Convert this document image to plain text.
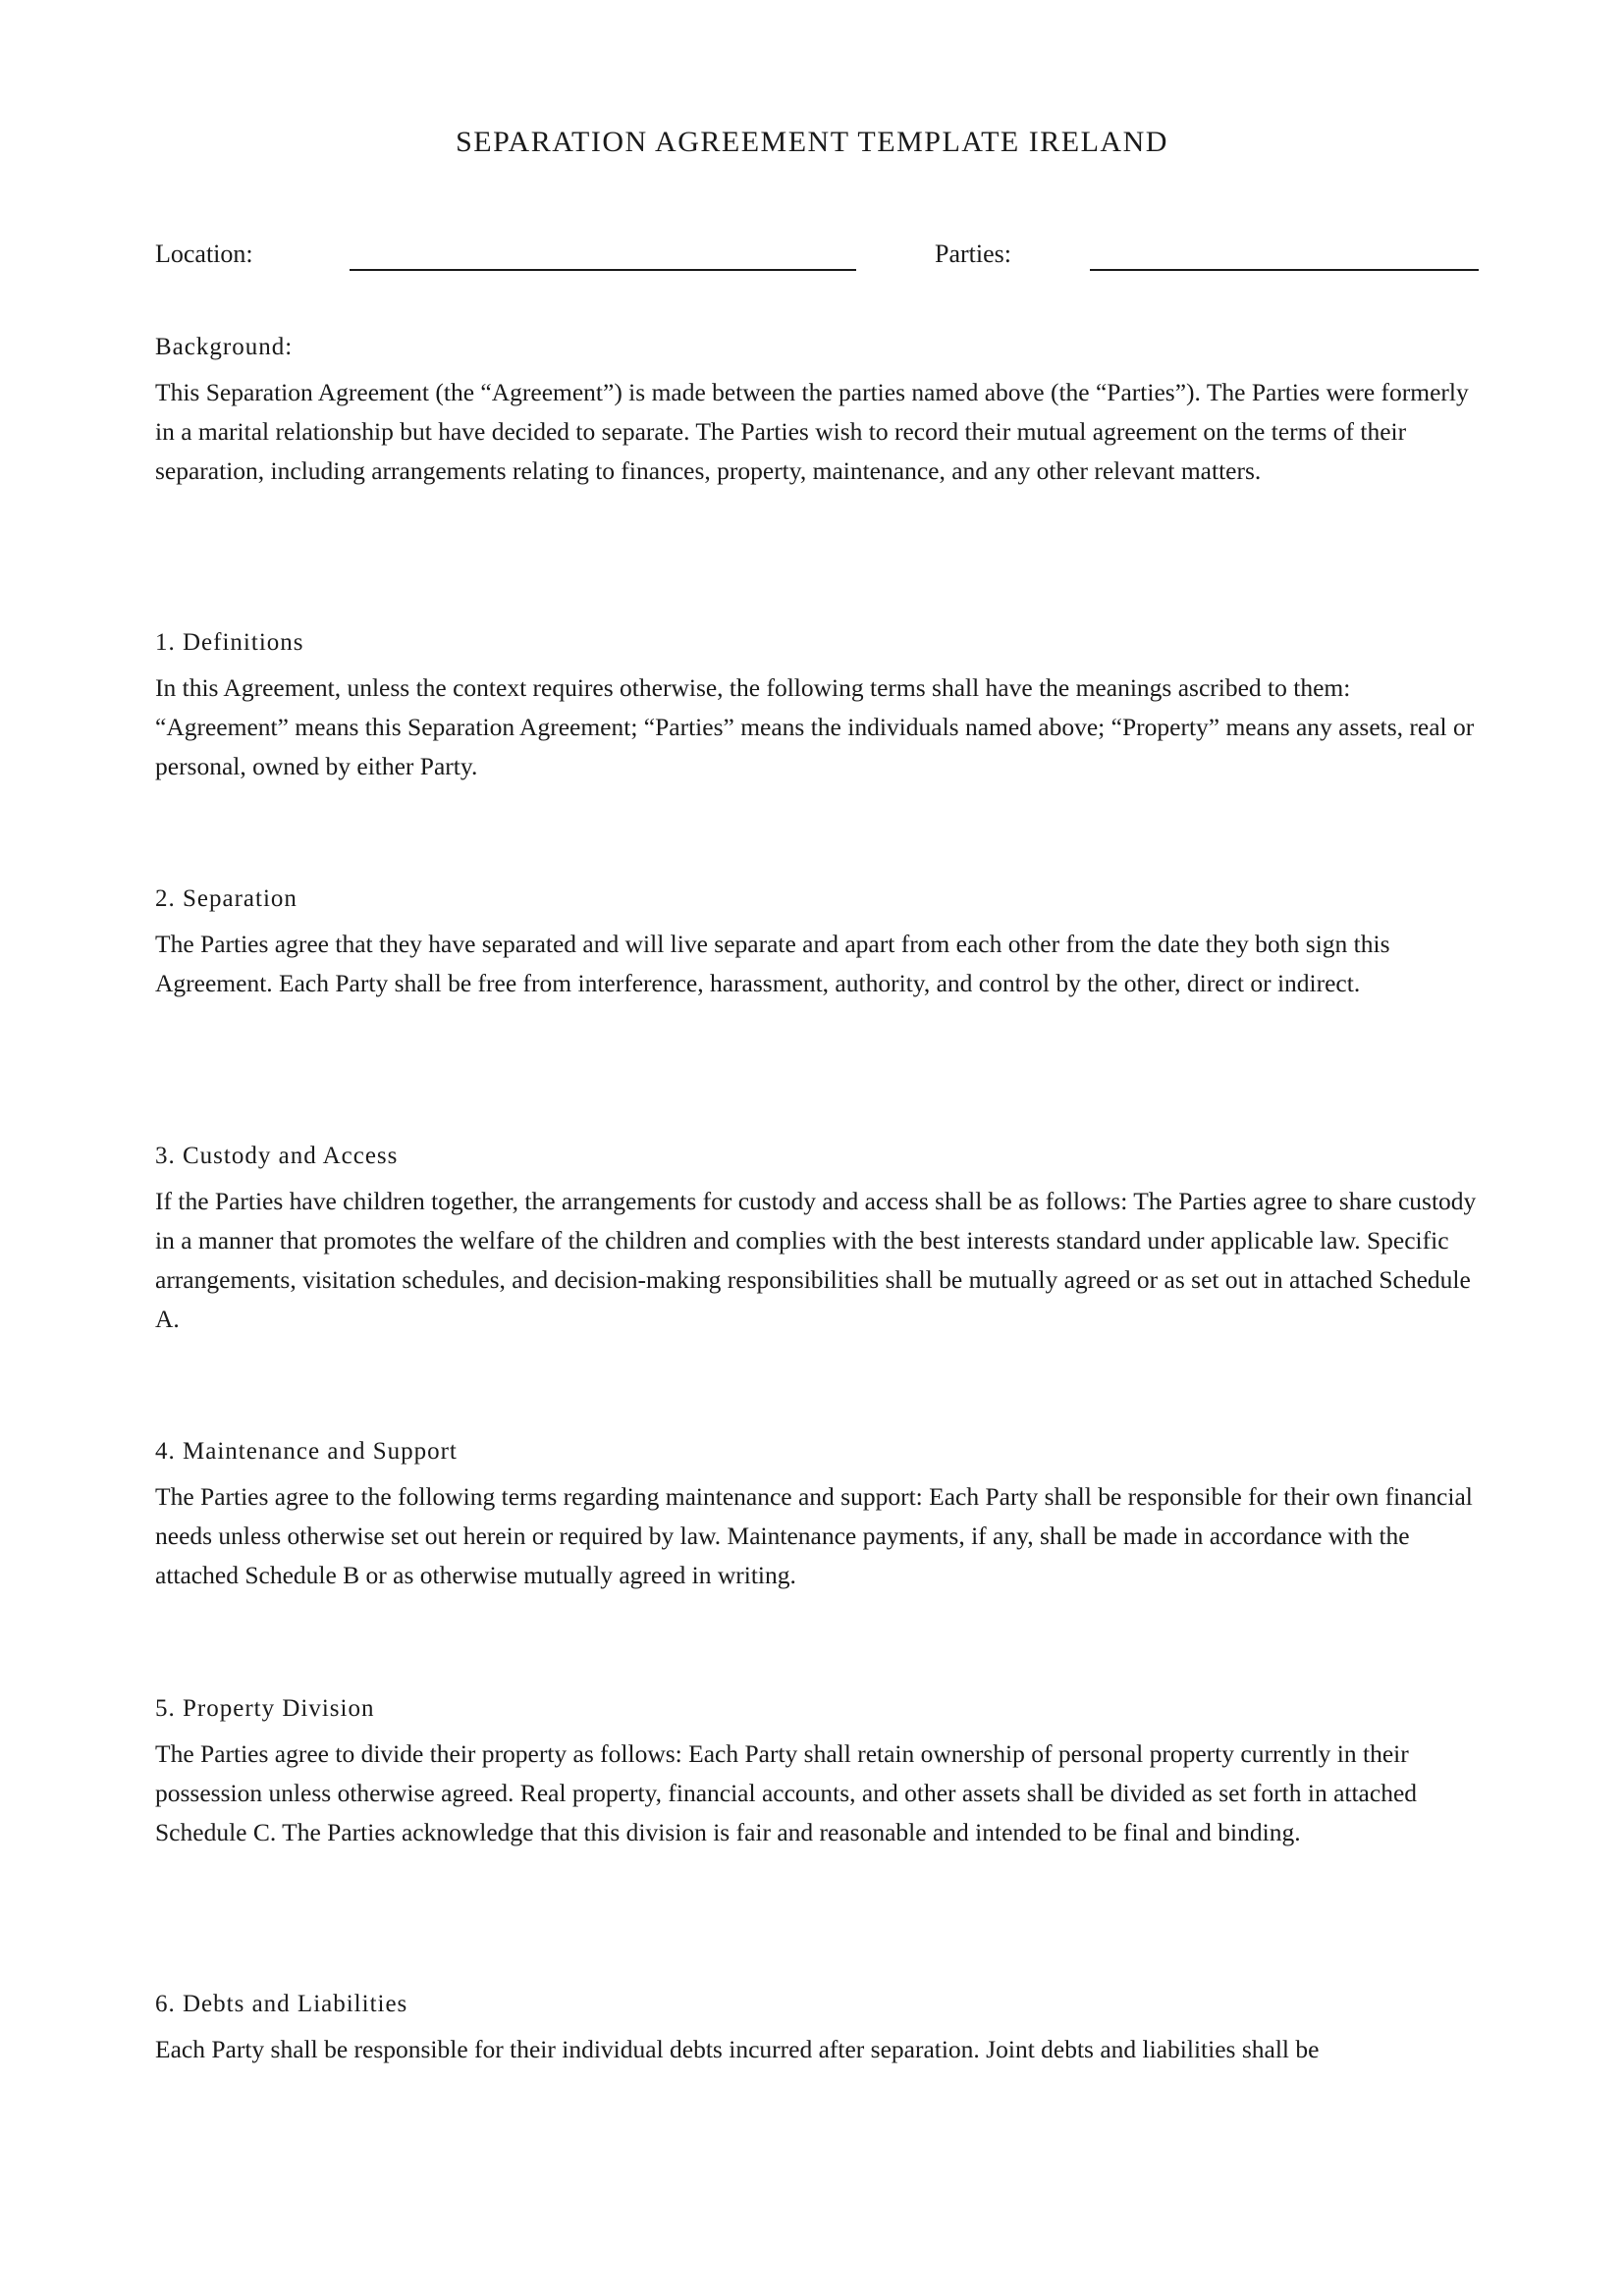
SEPARATION AGREEMENT TEMPLATE IRELAND
Location:	Parties:
Background:

This Separation Agreement (the “Agreement”) is made between the parties named above (the “Parties”). The Parties were formerly in a marital relationship but have decided to separate. The Parties wish to record their mutual agreement on the terms of their separation, including arrangements relating to finances, property, maintenance, and any other relevant matters.

1. Definitions

In this Agreement, unless the context requires otherwise, the following terms shall have the meanings ascribed to them: “Agreement” means this Separation Agreement; “Parties” means the individuals named above; “Property” means any assets, real or personal, owned by either Party.

2. Separation

The Parties agree that they have separated and will live separate and apart from each other from the date they both sign this Agreement. Each Party shall be free from interference, harassment, authority, and control by the other, direct or indirect.

3. Custody and Access

If the Parties have children together, the arrangements for custody and access shall be as follows: The Parties agree to share custody in a manner that promotes the welfare of the children and complies with the best interests standard under applicable law. Specific arrangements, visitation schedules, and decision-making responsibilities shall be mutually agreed or as set out in attached Schedule A.

4. Maintenance and Support

The Parties agree to the following terms regarding maintenance and support: Each Party shall be responsible for their own financial needs unless otherwise set out herein or required by law. Maintenance payments, if any, shall be made in accordance with the attached Schedule B or as otherwise mutually agreed in writing.

5. Property Division

The Parties agree to divide their property as follows: Each Party shall retain ownership of personal property currently in their possession unless otherwise agreed. Real property, financial accounts, and other assets shall be divided as set forth in attached Schedule C. The Parties acknowledge that this division is fair and reasonable and intended to be final and binding.

6. Debts and Liabilities

Each Party shall be responsible for their individual debts incurred after separation. Joint debts and liabilities shall be
